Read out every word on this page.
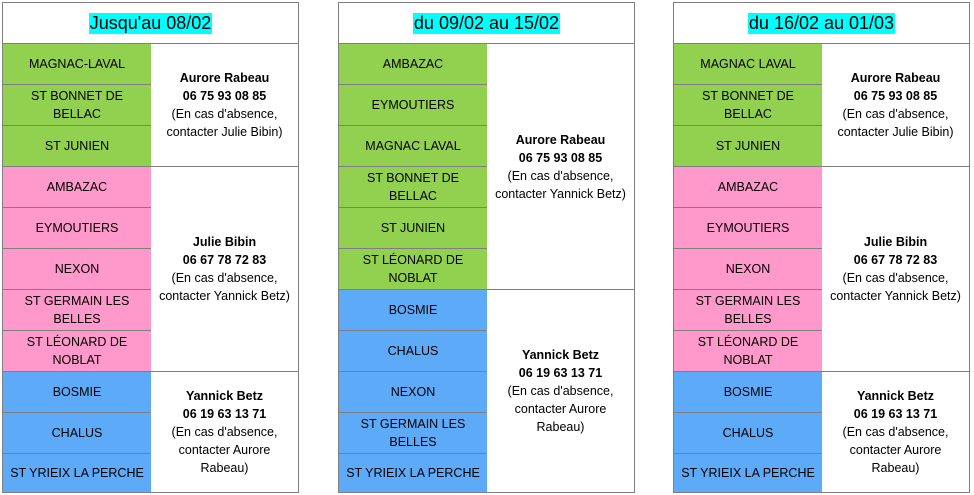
Jusqu'au 08/02
MAGNAC-LAVAL
ST BONNET DE BELLAC
ST JUNIEN
AMBAZAC
EYMOUTIERS
NEXON
ST GERMAIN LES BELLES
ST LÉONARD DE NOBLAT
BOSMIE
CHALUS
ST YRIEIX LA PERCHE
Aurore Rabeau
06 75 93 08 85
(En cas d'absence, contacter Julie Bibin)
Julie Bibin
06 67 78 72 83
(En cas d'absence, contacter Yannick Betz)
Yannick Betz
06 19 63 13 71
(En cas d'absence, contacter Aurore Rabeau)
du 09/02 au 15/02
AMBAZAC
EYMOUTIERS
MAGNAC LAVAL
ST BONNET DE BELLAC
ST JUNIEN
ST LÉONARD DE NOBLAT
BOSMIE
CHALUS
NEXON
ST GERMAIN LES BELLES
ST YRIEIX LA PERCHE
Aurore Rabeau
06 75 93 08 85
(En cas d'absence, contacter Yannick Betz)
Yannick Betz
06 19 63 13 71
(En cas d'absence, contacter Aurore Rabeau)
du 16/02 au 01/03
MAGNAC LAVAL
ST BONNET DE BELLAC
ST JUNIEN
AMBAZAC
EYMOUTIERS
NEXON
ST GERMAIN LES BELLES
ST LÉONARD DE NOBLAT
BOSMIE
CHALUS
ST YRIEIX LA PERCHE
Aurore Rabeau
06 75 93 08 85
(En cas d'absence, contacter Julie Bibin)
Julie Bibin
06 67 78 72 83
(En cas d'absence, contacter Yannick Betz)
Yannick Betz
06 19 63 13 71
(En cas d'absence, contacter Aurore Rabeau)
